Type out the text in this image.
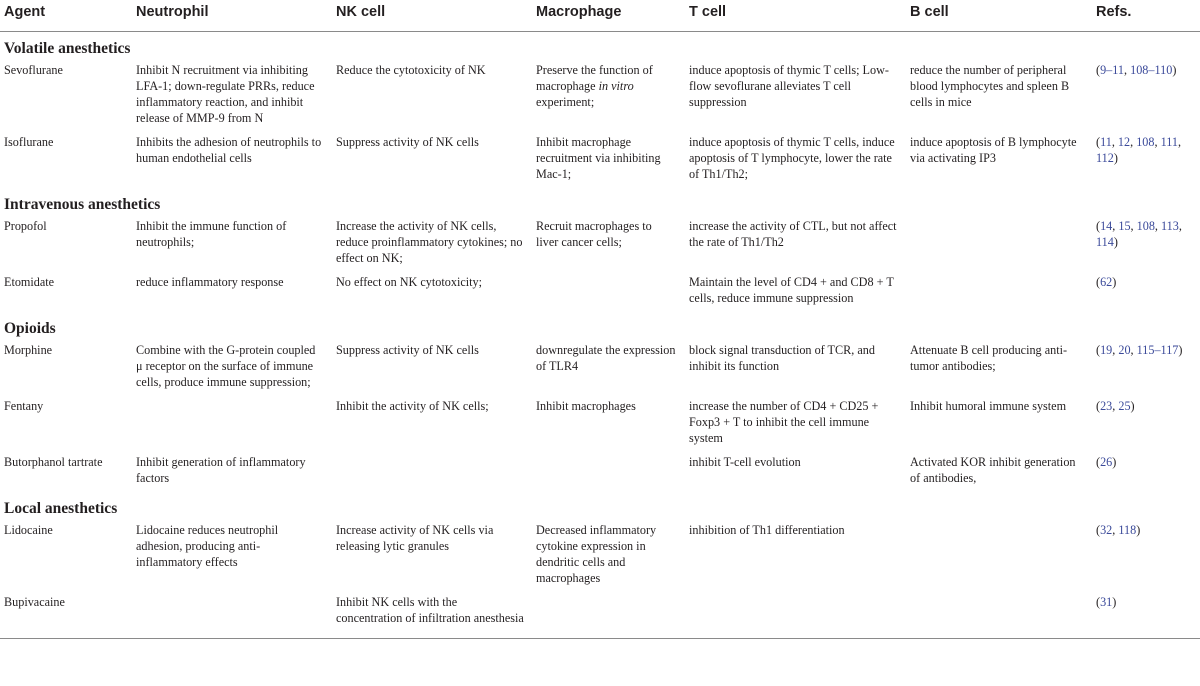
Agent	Neutrophil	NK cell	Macrophage	T cell	B cell	Refs.
Volatile anesthetics						
Sevoflurane	Inhibit N recruitment via inhibiting LFA-1; down-regulate PRRs, reduce inflammatory reaction, and inhibit release of MMP-9 from N	Reduce the cytotoxicity of NK	Preserve the function of macrophage in vitro experiment;	induce apoptosis of thymic T cells; Low-flow sevoflurane alleviates T cell suppression	reduce the number of peripheral blood lymphocytes and spleen B cells in mice	(9–11, 108–110)
Isoflurane	Inhibits the adhesion of neutrophils to human endothelial cells	Suppress activity of NK cells	Inhibit macrophage recruitment via inhibiting Mac-1;	induce apoptosis of thymic T cells, induce apoptosis of T lymphocyte, lower the rate of Th1/Th2;	induce apoptosis of B lymphocyte via activating IP3	(11, 12, 108, 111, 112)
Intravenous anesthetics						
Propofol	Inhibit the immune function of neutrophils;	Increase the activity of NK cells, reduce proinflammatory cytokines; no effect on NK;	Recruit macrophages to liver cancer cells;	increase the activity of CTL, but not affect the rate of Th1/Th2		(14, 15, 108, 113, 114)
Etomidate	reduce inflammatory response	No effect on NK cytotoxicity;		Maintain the level of CD4 + and CD8 + T cells, reduce immune suppression		(62)
Opioids						
Morphine	Combine with the G-protein coupled μ receptor on the surface of immune cells, produce immune suppression;	Suppress activity of NK cells	downregulate the expression of TLR4	block signal transduction of TCR, and inhibit its function	Attenuate B cell producing anti-tumor antibodies;	(19, 20, 115–117)
Fentany		Inhibit the activity of NK cells;	Inhibit macrophages	increase the number of CD4 + CD25 + Foxp3 + T to inhibit the cell immune system	Inhibit humoral immune system	(23, 25)
Butorphanol tartrate	Inhibit generation of inflammatory factors			inhibit T-cell evolution	Activated KOR inhibit generation of antibodies,	(26)
Local anesthetics						
Lidocaine	Lidocaine reduces neutrophil adhesion, producing anti-inflammatory effects	Increase activity of NK cells via releasing lytic granules	Decreased inflammatory cytokine expression in dendritic cells and macrophages	inhibition of Th1 differentiation		(32, 118)
Bupivacaine		Inhibit NK cells with the concentration of infiltration anesthesia				(31)
